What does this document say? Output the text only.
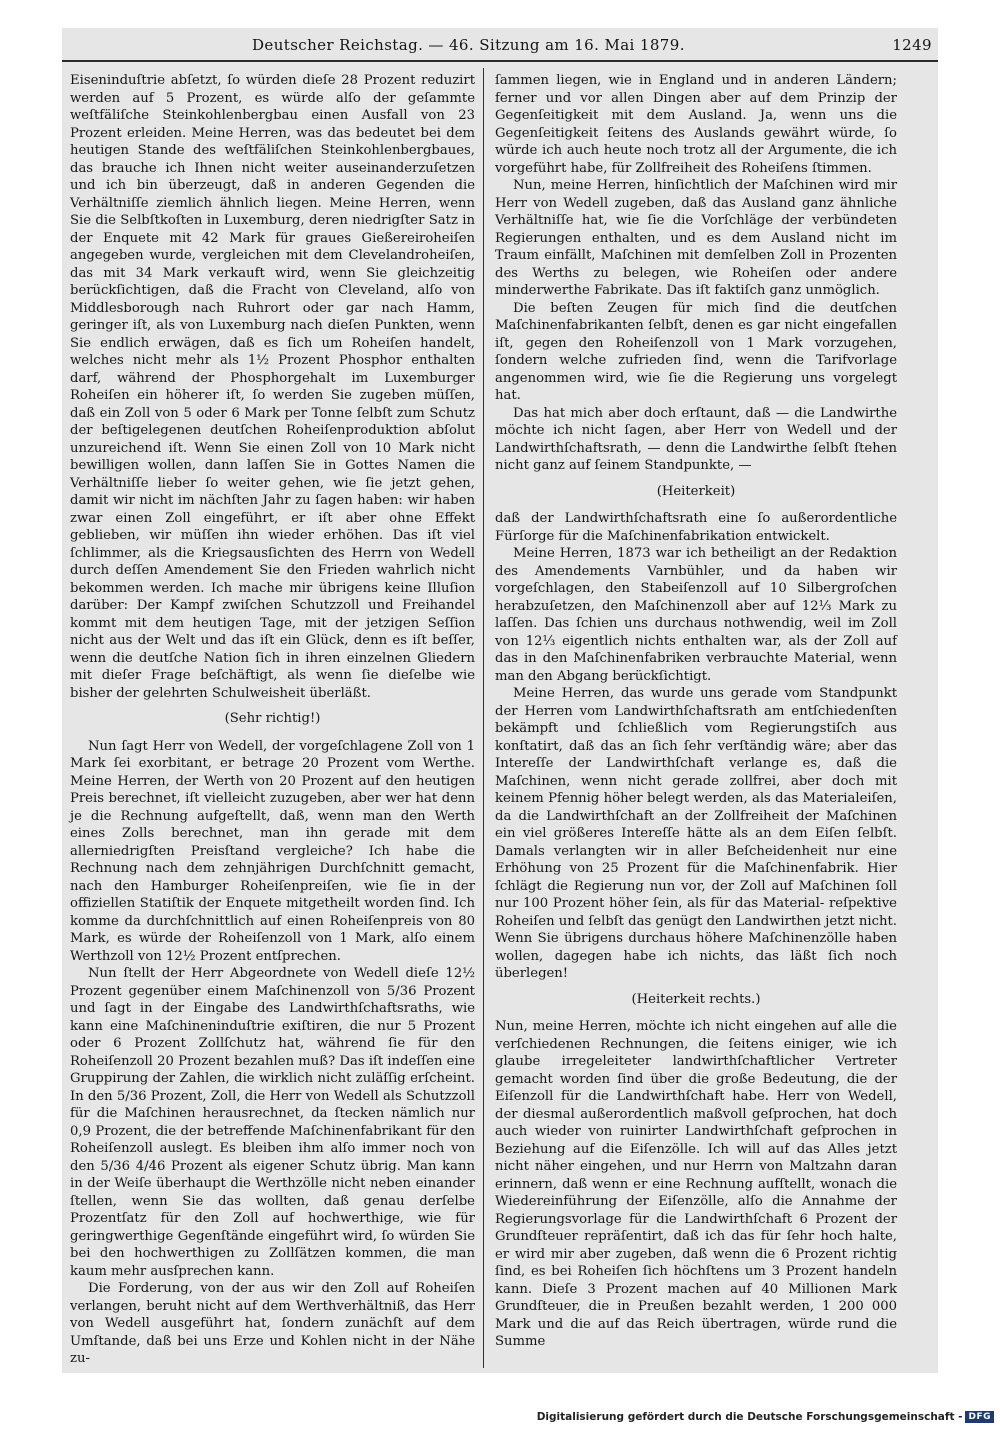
Deutscher Reichstag. — 46. Sitzung am 16. Mai 1879.	1249

Eiseninduſtrie abſetzt, ſo würden dieſe 28 Prozent reduzirt werden auf 5 Prozent, es würde alſo der geſammte weſtfäliſche Steinkohlenbergbau einen Ausfall von 23 Prozent erleiden. Meine Herren, was das bedeutet bei dem heutigen Stande des weſtfäliſchen Steinkohlenbergbaues, das brauche ich Ihnen nicht weiter auseinanderzuſetzen und ich bin überzeugt, daß in anderen Gegenden die Verhältniſſe ziemlich ähnlich liegen. Meine Herren, wenn Sie die Selbſtkoſten in Luxemburg, deren niedrigſter Satz in der Enquete mit 42 Mark für graues Gießereiroheiſen angegeben wurde, vergleichen mit dem Clevelandroheiſen, das mit 34 Mark verkauft wird, wenn Sie gleichzeitig berückſichtigen, daß die Fracht von Cleveland, alſo von Middlesborough nach Ruhrort oder gar nach Hamm, geringer iſt, als von Luxemburg nach dieſen Punkten, wenn Sie endlich erwägen, daß es ſich um Roheiſen handelt, welches nicht mehr als 1½ Prozent Phosphor enthalten darf, während der Phosphorgehalt im Luxemburger Roheiſen ein höherer iſt, ſo werden Sie zugeben müſſen, daß ein Zoll von 5 oder 6 Mark per Tonne ſelbſt zum Schutz der beſtigelegenen deutſchen Roheiſenproduktion abſolut unzureichend iſt. Wenn Sie einen Zoll von 10 Mark nicht bewilligen wollen, dann laſſen Sie in Gottes Namen die Verhältniſſe lieber ſo weiter gehen, wie ſie jetzt gehen, damit wir nicht im nächſten Jahr zu ſagen haben: wir haben zwar einen Zoll eingeführt, er iſt aber ohne Effekt geblieben, wir müſſen ihn wieder erhöhen. Das iſt viel ſchlimmer, als die Kriegsausſichten des Herrn von Wedell durch deſſen Amendement Sie den Frieden wahrlich nicht bekommen werden. Ich mache mir übrigens keine Illuſion darüber: Der Kampf zwiſchen Schutzzoll und Freihandel kommt mit dem heutigen Tage, mit der jetzigen Seſſion nicht aus der Welt und das iſt ein Glück, denn es iſt beſſer, wenn die deutſche Nation ſich in ihren einzelnen Gliedern mit dieſer Frage beſchäftigt, als wenn ſie dieſelbe wie bisher der gelehrten Schulweisheit überläßt.

(Sehr richtig!)

Nun ſagt Herr von Wedell, der vorgeſchlagene Zoll von 1 Mark ſei exorbitant, er betrage 20 Prozent vom Werthe. Meine Herren, der Werth von 20 Prozent auf den heutigen Preis berechnet, iſt vielleicht zuzugeben, aber wer hat denn je die Rechnung aufgeſtellt, daß, wenn man den Werth eines Zolls berechnet, man ihn gerade mit dem allerniedrigſten Preisſtand vergleiche? Ich habe die Rechnung nach dem zehnjährigen Durchſchnitt gemacht, nach den Hamburger Roheiſenpreiſen, wie ſie in der offiziellen Statiſtik der Enquete mitgetheilt worden ſind. Ich komme da durchſchnittlich auf einen Roheiſenpreis von 80 Mark, es würde der Roheiſenzoll von 1 Mark, alſo einem Werthzoll von 12½ Prozent entſprechen.

Nun ſtellt der Herr Abgeordnete von Wedell dieſe 12½ Prozent gegenüber einem Maſchinenzoll von 5/36 Prozent und ſagt in der Eingabe des Landwirthſchaftsraths, wie kann eine Maſchineninduſtrie exiſtiren, die nur 5 Prozent oder 6 Prozent Zollſchutz hat, während ſie für den Roheiſenzoll 20 Prozent bezahlen muß? Das iſt indeſſen eine Gruppirung der Zahlen, die wirklich nicht zuläſſig erſcheint. In den 5/36 Prozent, Zoll, die Herr von Wedell als Schutzzoll für die Maſchinen herausrechnet, da ſtecken nämlich nur 0,9 Prozent, die der betreffende Maſchinenfabrikant für den Roheiſenzoll auslegt. Es bleiben ihm alſo immer noch von den 5/36 4/46 Prozent als eigener Schutz übrig. Man kann in der Weiſe überhaupt die Werthzölle nicht neben einander ſtellen, wenn Sie das wollten, daß genau derſelbe Prozentſatz für den Zoll auf hochwerthige, wie für geringwerthige Gegenſtände eingeführt wird, ſo würden Sie bei den hochwerthigen zu Zollſätzen kommen, die man kaum mehr ausſprechen kann.

Die Forderung, von der aus wir den Zoll auf Roheiſen verlangen, beruht nicht auf dem Werthverhältniß, das Herr von Wedell ausgeführt hat, ſondern zunächſt auf dem Umſtande, daß bei uns Erze und Kohlen nicht in der Nähe zu-

ſammen liegen, wie in England und in anderen Ländern; ferner und vor allen Dingen aber auf dem Prinzip der Gegenſeitigkeit mit dem Ausland. Ja, wenn uns die Gegenſeitigkeit ſeitens des Auslands gewährt würde, ſo würde ich auch heute noch trotz all der Argumente, die ich vorgeführt habe, für Zollfreiheit des Roheiſens ſtimmen.

Nun, meine Herren, hinſichtlich der Maſchinen wird mir Herr von Wedell zugeben, daß das Ausland ganz ähnliche Verhältniſſe hat, wie ſie die Vorſchläge der verbündeten Regierungen enthalten, und es dem Ausland nicht im Traum einfällt, Maſchinen mit demſelben Zoll in Prozenten des Werths zu belegen, wie Roheiſen oder andere minderwerthe Fabrikate. Das iſt faktiſch ganz unmöglich.

Die beſten Zeugen für mich ſind die deutſchen Maſchinenfabrikanten ſelbſt, denen es gar nicht eingefallen iſt, gegen den Roheiſenzoll von 1 Mark vorzugehen, ſondern welche zufrieden ſind, wenn die Tarifvorlage angenommen wird, wie ſie die Regierung uns vorgelegt hat.

Das hat mich aber doch erſtaunt, daß — die Landwirthe möchte ich nicht ſagen, aber Herr von Wedell und der Landwirthſchaftsrath, — denn die Landwirthe ſelbſt ſtehen nicht ganz auf ſeinem Standpunkte, —

(Heiterkeit)

daß der Landwirthſchaftsrath eine ſo außerordentliche Fürſorge für die Maſchinenfabrikation entwickelt.

Meine Herren, 1873 war ich betheiligt an der Redaktion des Amendements Varnbühler, und da haben wir vorgeſchlagen, den Stabeiſenzoll auf 10 Silbergroſchen herabzuſetzen, den Maſchinenzoll aber auf 12⅓ Mark zu laſſen. Das ſchien uns durchaus nothwendig, weil im Zoll von 12⅓ eigentlich nichts enthalten war, als der Zoll auf das in den Maſchinenfabriken verbrauchte Material, wenn man den Abgang berückſichtigt.

Meine Herren, das wurde uns gerade vom Standpunkt der Herren vom Landwirthſchaftsrath am entſchiedenſten bekämpft und ſchließlich vom Regierungstiſch aus konſtatirt, daß das an ſich ſehr verſtändig wäre; aber das Intereſſe der Landwirthſchaft verlange es, daß die Maſchinen, wenn nicht gerade zollfrei, aber doch mit keinem Pfennig höher belegt werden, als das Materialeiſen, da die Landwirthſchaft an der Zollfreiheit der Maſchinen ein viel größeres Intereſſe hätte als an dem Eiſen ſelbſt. Damals verlangten wir in aller Beſcheidenheit nur eine Erhöhung von 25 Prozent für die Maſchinenfabrik. Hier ſchlägt die Regierung nun vor, der Zoll auf Maſchinen ſoll nur 100 Prozent höher ſein, als für das Material- reſpektive Roheiſen und ſelbſt das genügt den Landwirthen jetzt nicht. Wenn Sie übrigens durchaus höhere Maſchinenzölle haben wollen, dagegen habe ich nichts, das läßt ſich noch überlegen!

(Heiterkeit rechts.)

Nun, meine Herren, möchte ich nicht eingehen auf alle die verſchiedenen Rechnungen, die ſeitens einiger, wie ich glaube irregeleiteter landwirthſchaftlicher Vertreter gemacht worden ſind über die große Bedeutung, die der Eiſenzoll für die Landwirthſchaft habe. Herr von Wedell, der diesmal außerordentlich maßvoll geſprochen, hat doch auch wieder von ruinirter Landwirthſchaft geſprochen in Beziehung auf die Eiſenzölle. Ich will auf das Alles jetzt nicht näher eingehen, und nur Herrn von Maltzahn daran erinnern, daß wenn er eine Rechnung aufſtellt, wonach die Wiedereinführung der Eiſenzölle, alſo die Annahme der Regierungsvorlage für die Landwirthſchaft 6 Prozent der Grundſteuer repräſentirt, daß ich das für ſehr hoch halte, er wird mir aber zugeben, daß wenn die 6 Prozent richtig ſind, es bei Roheiſen ſich höchſtens um 3 Prozent handeln kann. Dieſe 3 Prozent machen auf 40 Millionen Mark Grundſteuer, die in Preußen bezahlt werden, 1 200 000 Mark und die auf das Reich übertragen, würde rund die Summe

Digitalisierung gefördert durch die Deutsche Forschungsgemeinschaft - DFG
